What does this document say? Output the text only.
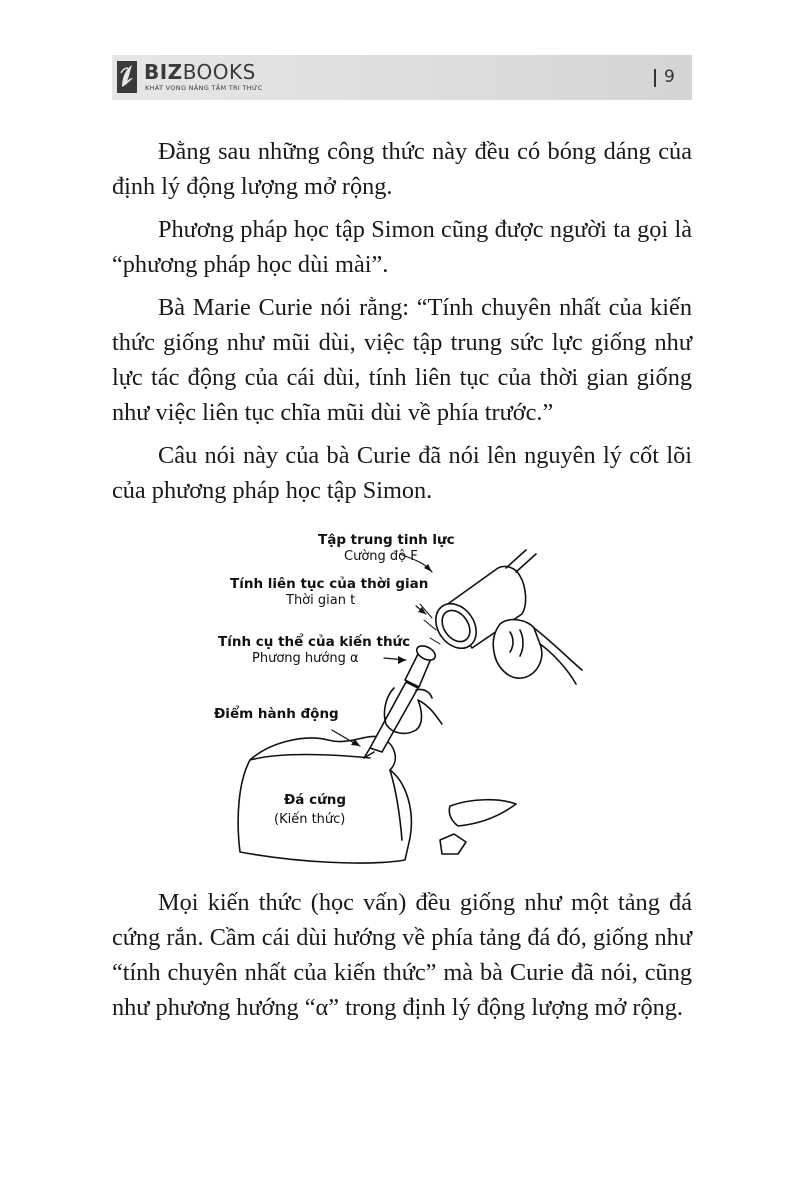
BIZBOOKS
KHÁT VỌNG NÂNG TẦM TRI THỨC
9

Đằng sau những công thức này đều có bóng dáng của định lý động lượng mở rộng.

Phương pháp học tập Simon cũng được người ta gọi là “phương pháp học dùi mài”.

Bà Marie Curie nói rằng: “Tính chuyên nhất của kiến thức giống như mũi dùi, việc tập trung sức lực giống như lực tác động của cái dùi, tính liên tục của thời gian giống như việc liên tục chĩa mũi dùi về phía trước.”

Câu nói này của bà Curie đã nói lên nguyên lý cốt lõi của phương pháp học tập Simon.

Tập trung tinh lực
Cường độ F
Tính liên tục của thời gian
Thời gian t
Tính cụ thể của kiến thức
Phương hướng α
Điểm hành động
Đá cứng
(Kiến thức)

Mọi kiến thức (học vấn) đều giống như một tảng đá cứng rắn. Cầm cái dùi hướng về phía tảng đá đó, giống như “tính chuyên nhất của kiến thức” mà bà Curie đã nói, cũng như phương hướng “α” trong định lý động lượng mở rộng.
